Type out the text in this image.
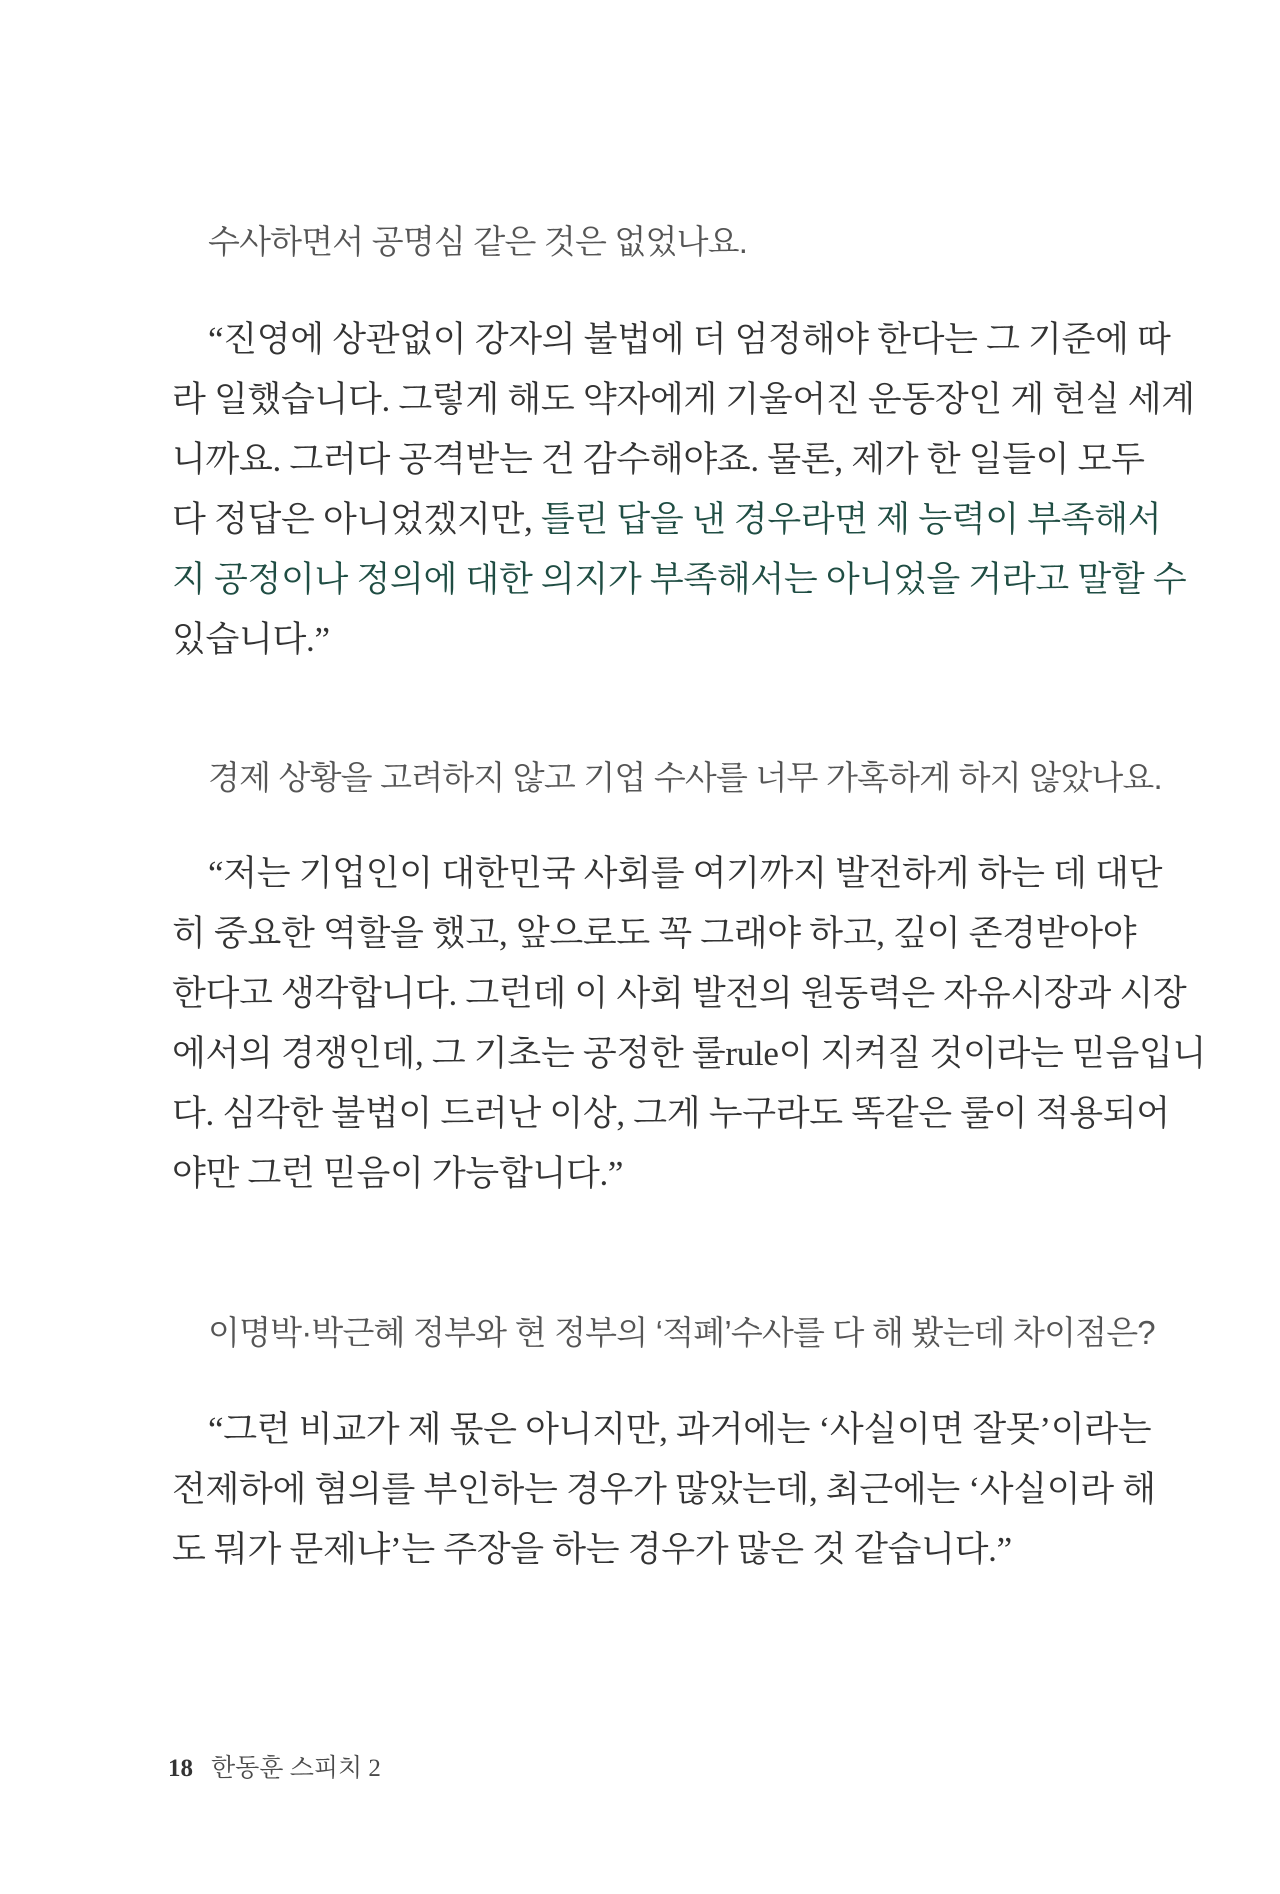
수사하면서 공명심 같은 것은 없었나요.

“진영에 상관없이 강자의 불법에 더 엄정해야 한다는 그 기준에 따
라 일했습니다. 그렇게 해도 약자에게 기울어진 운동장인 게 현실 세계
니까요. 그러다 공격받는 건 감수해야죠. 물론, 제가 한 일들이 모두
다 정답은 아니었겠지만, 틀린 답을 낸 경우라면 제 능력이 부족해서
지 공정이나 정의에 대한 의지가 부족해서는 아니었을 거라고 말할 수
있습니다.”

경제 상황을 고려하지 않고 기업 수사를 너무 가혹하게 하지 않았나요.

“저는 기업인이 대한민국 사회를 여기까지 발전하게 하는 데 대단
히 중요한 역할을 했고, 앞으로도 꼭 그래야 하고, 깊이 존경받아야
한다고 생각합니다. 그런데 이 사회 발전의 원동력은 자유시장과 시장
에서의 경쟁인데, 그 기초는 공정한 룰rule이 지켜질 것이라는 믿음입니
다. 심각한 불법이 드러난 이상, 그게 누구라도 똑같은 룰이 적용되어
야만 그런 믿음이 가능합니다.”

이명박·박근혜 정부와 현 정부의 ‘적폐’수사를 다 해 봤는데 차이점은?

“그런 비교가 제 몫은 아니지만, 과거에는 ‘사실이면 잘못’이라는
전제하에 혐의를 부인하는 경우가 많았는데, 최근에는 ‘사실이라 해
도 뭐가 문제냐’는 주장을 하는 경우가 많은 것 같습니다.”

18 한동훈 스피치 2
